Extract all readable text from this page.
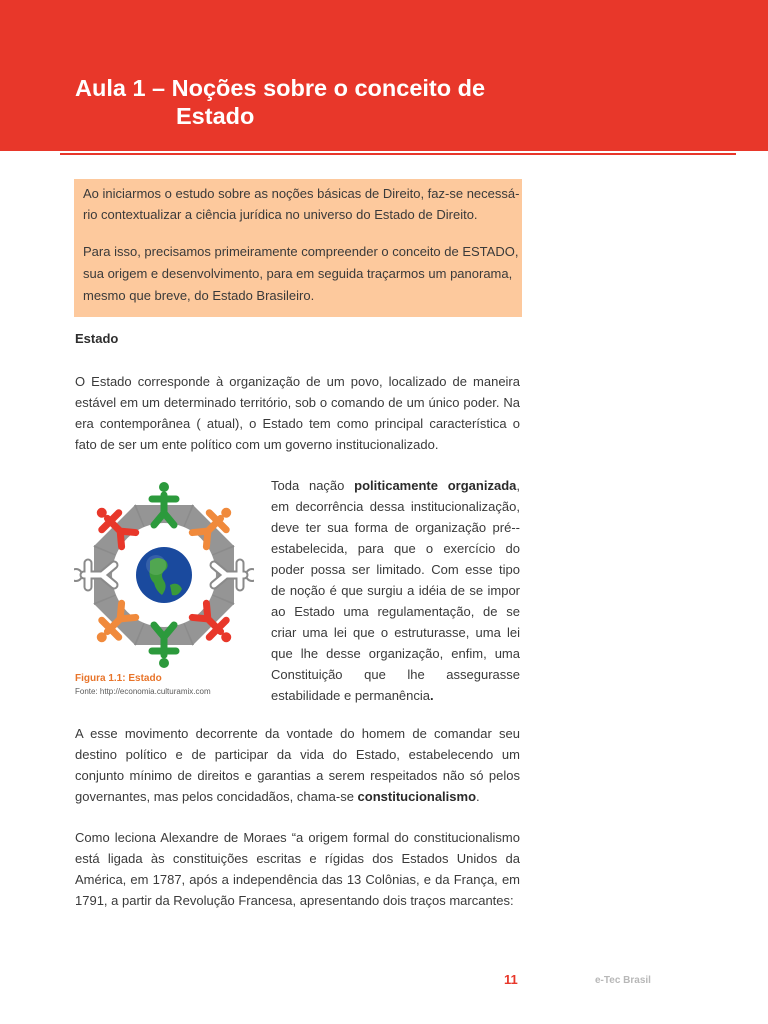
Aula 1 – Noções sobre o conceito de
Estado

Ao iniciarmos o estudo sobre as noções básicas de Direito, faz-se necessá-

rio contextualizar a ciência jurídica no universo do Estado de Direito.

Para isso, precisamos primeiramente compreender o conceito de ESTADO,

sua origem e desenvolvimento, para em seguida traçarmos um panorama,

mesmo que breve, do Estado Brasileiro.

Estado
O Estado corresponde à organização de um povo, localizado de maneira estável em um determinado território, sob o comando de um único poder. Na era contemporânea ( atual), o Estado tem como principal característica o fato de ser um ente político com um governo institucionalizado.
Figura 1.1: Estado
Fonte: http://economia.culturamix.com
Toda nação politicamente organizada, em decorrência dessa institucionalização, deve ter sua forma de organização pré--estabelecida, para que o exercício do poder possa ser limitado. Com esse tipo de noção é que surgiu a idéia de se impor ao Estado uma regulamentação, de se criar uma lei que o estruturasse, uma lei que lhe desse organização, enfim, uma Constituição que lhe assegurasse estabilidade e permanência.
A esse movimento decorrente da vontade do homem de comandar seu destino político e de participar da vida do Estado, estabelecendo um conjunto mínimo de direitos e garantias a serem respeitados não só pelos governantes, mas pelos concidadãos, chama-se constitucionalismo.
Como leciona Alexandre de Moraes “a origem formal do constitucionalismo está ligada às constituições escritas e rígidas dos Estados Unidos da América, em 1787, após a independência das 13 Colônias, e da França, em 1791, a partir da Revolução Francesa, apresentando dois traços marcantes:
11	e-Tec Brasil
